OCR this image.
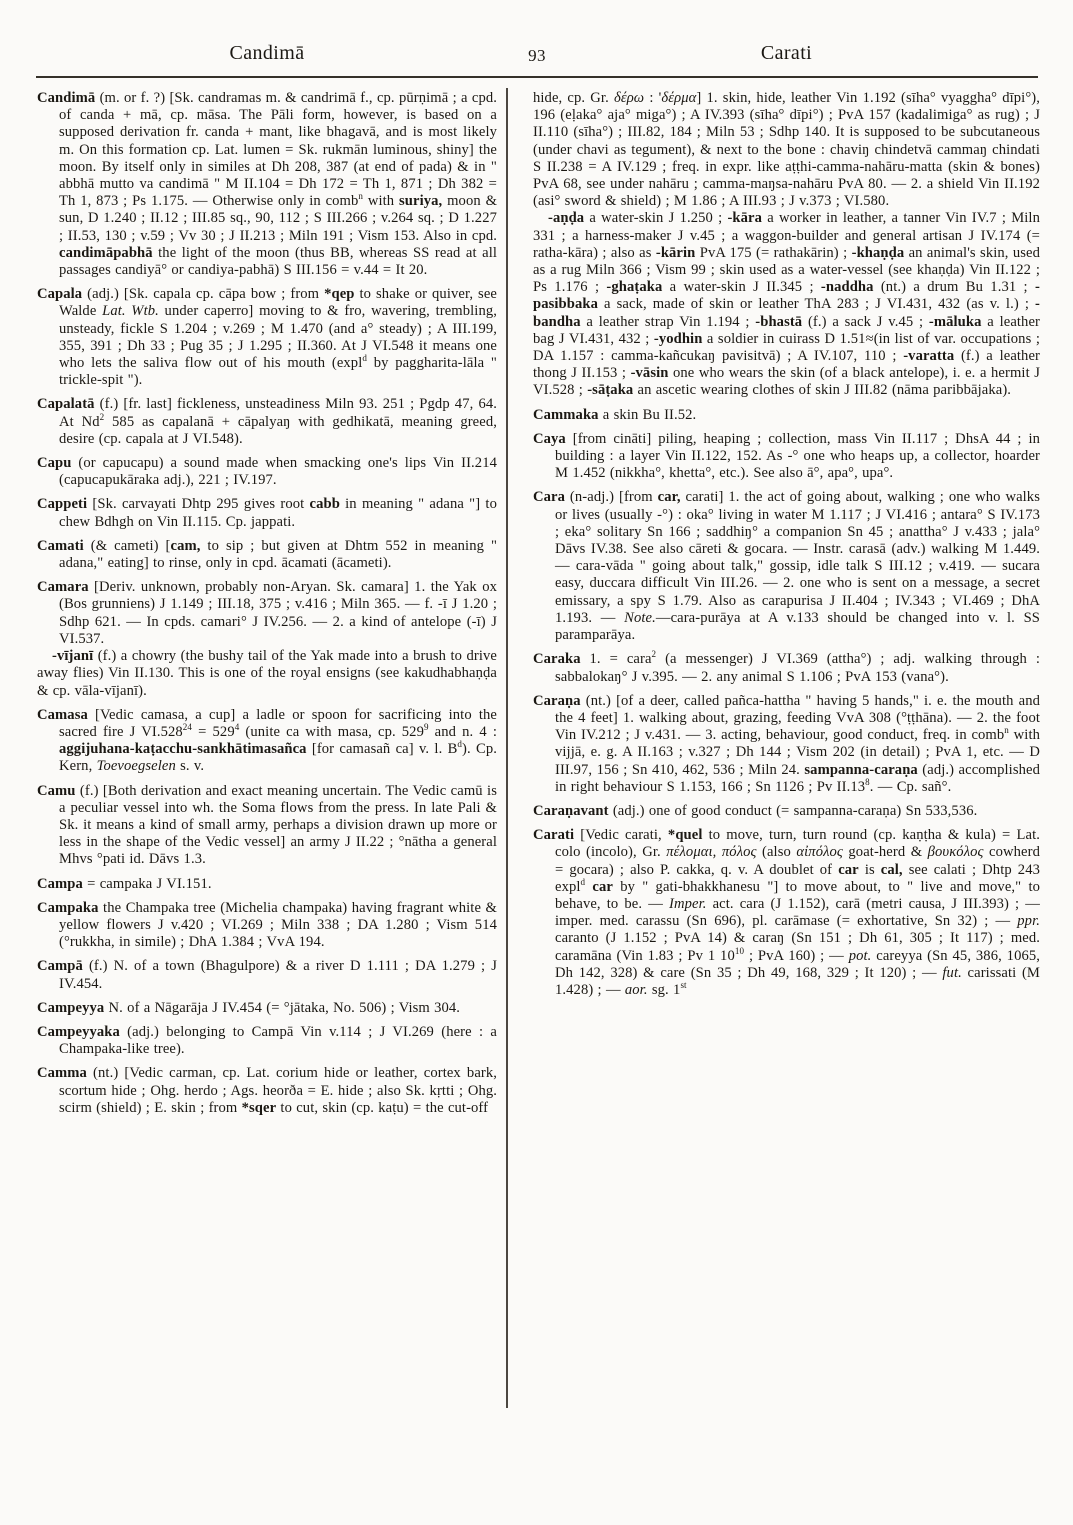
Candimā	93	Carati

Candimā (m. or f. ?) [Sk. candramas m. & candrimā f., cp. pūrṇimā ; a cpd. of canda + mā, cp. māsa. The Pāli form, however, is based on a supposed derivation fr. canda + mant, like bhagavā, and is most likely m. On this formation cp. Lat. lumen = Sk. rukmān luminous, shiny] the moon. By itself only in similes at Dh 208, 387 (at end of pada) & in " abbhā mutto va candimā " M II.104 = Dh 172 = Th 1, 871 ; Dh 382 = Th 1, 873 ; Ps 1.175. — Otherwise only in comb$^n$ with suriya, moon & sun, D 1.240 ; II.12 ; III.85 sq., 90, 112 ; S III.266 ; v.264 sq. ; D 1.227 ; II.53, 130 ; v.59 ; Vv 30 ; J II.213 ; Miln 191 ; Vism 153. Also in cpd. candimāpabhā the light of the moon (thus BB, whereas SS read at all passages candiyā° or candiya-pabhā) S III.156 = v.44 = It 20.

Capala (adj.) [Sk. capala cp. cāpa bow ; from *qep to shake or quiver, see Walde Lat. Wtb. under caperro] moving to & fro, wavering, trembling, unsteady, fickle S 1.204 ; v.269 ; M 1.470 (and a° steady) ; A III.199, 355, 391 ; Dh 33 ; Pug 35 ; J 1.295 ; II.360. At J VI.548 it means one who lets the saliva flow out of his mouth (expl$^d$ by paggharita-lāla " trickle-spit ").

Capalatā (f.) [fr. last] fickleness, unsteadiness Miln 93. 251 ; Pgdp 47, 64. At Nd$^2$ 585 as capalanā + cāpalyaŋ with gedhikatā, meaning greed, desire (cp. capala at J VI.548).

Capu (or capucapu) a sound made when smacking one's lips Vin II.214 (capucapukāraka adj.), 221 ; IV.197.

Cappeti [Sk. carvayati Dhtp 295 gives root cabb in meaning " adana "] to chew Bdhgh on Vin II.115. Cp. jappati.

Camati (& cameti) [cam, to sip ; but given at Dhtm 552 in meaning " adana," eating] to rinse, only in cpd. ācamati (ācameti).

Camara [Deriv. unknown, probably non-Aryan. Sk. camara] 1. the Yak ox (Bos grunniens) J 1.149 ; III.18, 375 ; v.416 ; Miln 365. — f. -ī J 1.20 ; Sdhp 621. — In cpds. camari° J IV.256. — 2. a kind of antelope (-ī) J VI.537.

-vījanī (f.) a chowry (the bushy tail of the Yak made into a brush to drive away flies) Vin II.130. This is one of the royal ensigns (see kakudhabhaṇḍa & cp. vāla-vījanī).

Camasa [Vedic camasa, a cup] a ladle or spoon for sacrificing into the sacred fire J $VI.528^{24} = 529^4$ (unite ca with masa, cp. $529^9$ and n. 4 : aggijuhana-kaṭacchu-sankhātimasañca [for camasañ ca] v. l. $B^d$). Cp. Kern, Toevoegselen s. v.

Camu (f.) [Both derivation and exact meaning uncertain. The Vedic camū is a peculiar vessel into wh. the Soma flows from the press. In late Pali & Sk. it means a kind of small army, perhaps a division drawn up more or less in the shape of the Vedic vessel] an army J II.22 ; °nātha a general Mhvs °pati id. Dāvs 1.3.

Campa = campaka J VI.151.

Campaka the Champaka tree (Michelia champaka) having fragrant white & yellow flowers J v.420 ; VI.269 ; Miln 338 ; DA 1.280 ; Vism 514 (°rukkha, in simile) ; DhA 1.384 ; VvA 194.

Campā (f.) N. of a town (Bhagulpore) & a river D 1.111 ; DA 1.279 ; J IV.454.

Campeyya N. of a Nāgarāja J IV.454 (= °jātaka, No. 506) ; Vism 304.

Campeyyaka (adj.) belonging to Campā Vin v.114 ; J VI.269 (here : a Champaka-like tree).

Camma (nt.) [Vedic carman, cp. Lat. corium hide or leather, cortex bark, scortum hide ; Ohg. herdo ; Ags. heorða = E. hide ; also Sk. kṛtti ; Ohg. scirm (shield) ; E. skin ; from *sqer to cut, skin (cp. kaṭu) = the cut-off

hide, cp. Gr. δέρω : 'δέρμα] 1. skin, hide, leather Vin 1.192 (sīha° vyaggha° dīpi°), 196 (eḷaka° aja° miga°) ; A IV.393 (sīha° dīpi°) ; PvA 157 (kadalimiga° as rug) ; J II.110 (sīha°) ; III.82, 184 ; Miln 53 ; Sdhp 140. It is supposed to be subcutaneous (under chavi as tegument), & next to the bone : chaviŋ chindetvā cammaŋ chindati S II.238 = A IV.129 ; freq. in expr. like aṭṭhi-camma-nahāru-matta (skin & bones) PvA 68, see under nahāru ; camma-maŋsa-nahāru PvA 80. — 2. a shield Vin II.192 (asi° sword & shield) ; M 1.86 ; A III.93 ; J v.373 ; VI.580.

-aṇḍa a water-skin J 1.250 ; -kāra a worker in leather, a tanner Vin IV.7 ; Miln 331 ; a harness-maker J v.45 ; a waggon-builder and general artisan J IV.174 (= ratha-kāra) ; also as -kārin PvA 175 (= rathakārin) ; -khaṇḍa an animal's skin, used as a rug Miln 366 ; Vism 99 ; skin used as a water-vessel (see khaṇḍa) Vin II.122 ; Ps 1.176 ; -ghaṭaka a water-skin J II.345 ; -naddha (nt.) a drum Bu 1.31 ; -pasibbaka a sack, made of skin or leather ThA 283 ; J VI.431, 432 (as v. l.) ; -bandha a leather strap Vin 1.194 ; -bhastā (f.) a sack J v.45 ; -māluka a leather bag J VI.431, 432 ; -yodhin a soldier in cuirass D 1.51≈(in list of var. occupations ; DA 1.157 : camma-kañcukaŋ pavisitvā) ; A IV.107, 110 ; -varatta (f.) a leather thong J II.153 ; -vāsin one who wears the skin (of a black antelope), i. e. a hermit J VI.528 ; -sāṭaka an ascetic wearing clothes of skin J III.82 (nāma paribbājaka).

Cammaka a skin Bu II.52.

Caya [from cināti] piling, heaping ; collection, mass Vin II.117 ; DhsA 44 ; in building : a layer Vin II.122, 152. As -° one who heaps up, a collector, hoarder M 1.452 (nikkha°, khetta°, etc.). See also ā°, apa°, upa°.

Cara (n-adj.) [from car, carati] 1. the act of going about, walking ; one who walks or lives (usually -°) : oka° living in water M 1.117 ; J VI.416 ; antara° S IV.173 ; eka° solitary Sn 166 ; saddhiŋ° a companion Sn 45 ; anattha° J v.433 ; jala° Dāvs IV.38. See also cāreti & gocara. — Instr. carasā (adv.) walking M 1.449. — cara-vāda " going about talk," gossip, idle talk S III.12 ; v.419. — sucara easy, duccara difficult Vin III.26. — 2. one who is sent on a message, a secret emissary, a spy S 1.79. Also as carapurisa J II.404 ; IV.343 ; VI.469 ; DhA 1.193. — Note.—cara-purāya at A v.133 should be changed into v. l. SS paramparāya.

Caraka 1. = cara$^2$ (a messenger) J VI.369 (attha°) ; adj. walking through : sabbalokaŋ° J v.395. — 2. any animal S 1.106 ; PvA 153 (vana°).

Caraṇa (nt.) [of a deer, called pañca-hattha " having 5 hands," i. e. the mouth and the 4 feet] 1. walking about, grazing, feeding VvA 308 (°ṭṭhāna). — 2. the foot Vin IV.212 ; J v.431. — 3. acting, behaviour, good conduct, freq. in comb$^n$ with vijjā, e. g. A II.163 ; v.327 ; Dh 144 ; Vism 202 (in detail) ; PvA 1, etc. — D III.97, 156 ; Sn 410, 462, 536 ; Miln 24. sampanna-caraṇa (adj.) accomplished in right behaviour S 1.153, 166 ; Sn 1126 ; Pv $II.13^8$. — Cp. sañ°.

Caraṇavant (adj.) one of good conduct (= sampanna-caraṇa) Sn 533,536.

Carati [Vedic carati, *quel to move, turn, turn round (cp. kaṇṭha & kula) = Lat. colo (incolo), Gr. πέλομαι, πόλος (also αἰπόλος goat-herd & βουκόλος cowherd = gocara) ; also P. cakka, q. v. A doublet of car is cal, see calati ; Dhtp 243 expl$^d$ car by " gati-bhakkhanesu "] to move about, to " live and move," to behave, to be. — Imper. act. cara (J 1.152), carā (metri causa, J III.393) ; — imper. med. carassu (Sn 696), pl. carāmase (= exhortative, Sn 32) ; — ppr. caranto (J 1.152 ; PvA 14) & caraŋ (Sn 151 ; Dh 61, 305 ; It 117) ; med. caramāna (Vin 1.83 ; Pv 1 $10^{10}$ ; PvA 160) ; — pot. careyya (Sn 45, 386, 1065, Dh 142, 328) & care (Sn 35 ; Dh 49, 168, 329 ; It 120) ; — fut. carissati (M 1.428) ; — aor. sg. 1st
